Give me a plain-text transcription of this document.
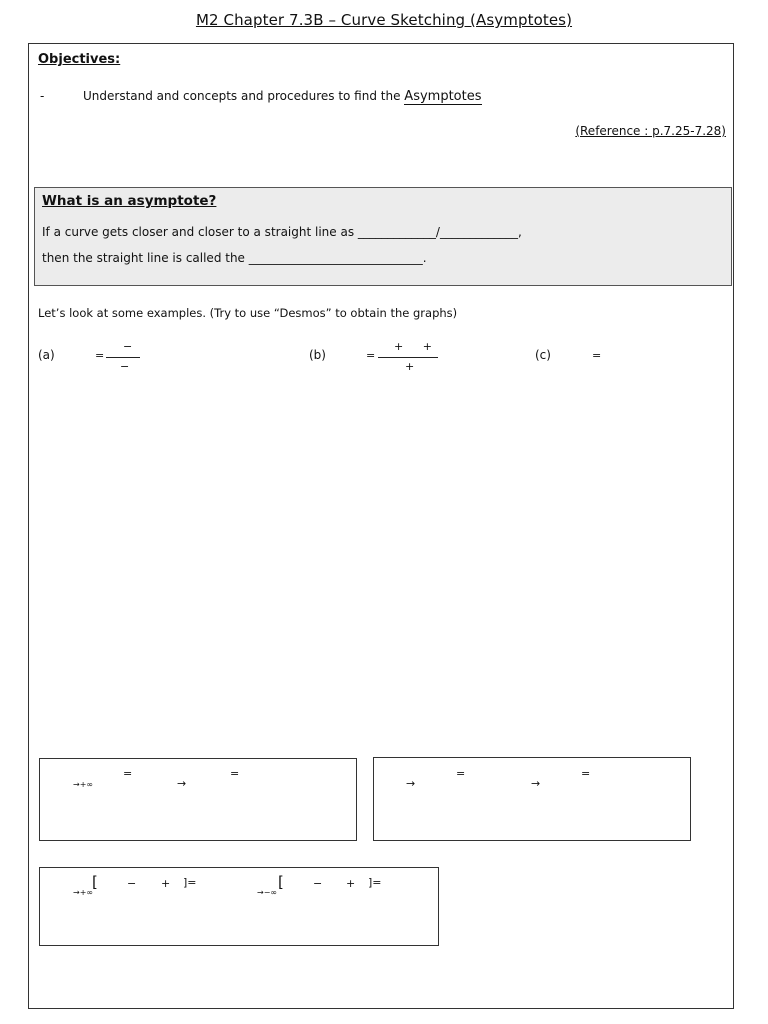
M2 Chapter 7.3B – Curve Sketching (Asymptotes)
Objectives:
-	Understand and concepts and procedures to find the Asymptotes
(Reference : p.7.25-7.28)
What is an asymptote?
If a curve gets closer and closer to a straight line as _____________/_____________,
then the straight line is called the _____________________________.
Let’s look at some examples. (Try to use “Desmos” to obtain the graphs)
(a)	=
−
−
(b)	=
+ +
+
(c)	=
→+∞
=
→
=
→
=
→
=
→+∞
[	− + ]=
→−∞
[	− + ]=
